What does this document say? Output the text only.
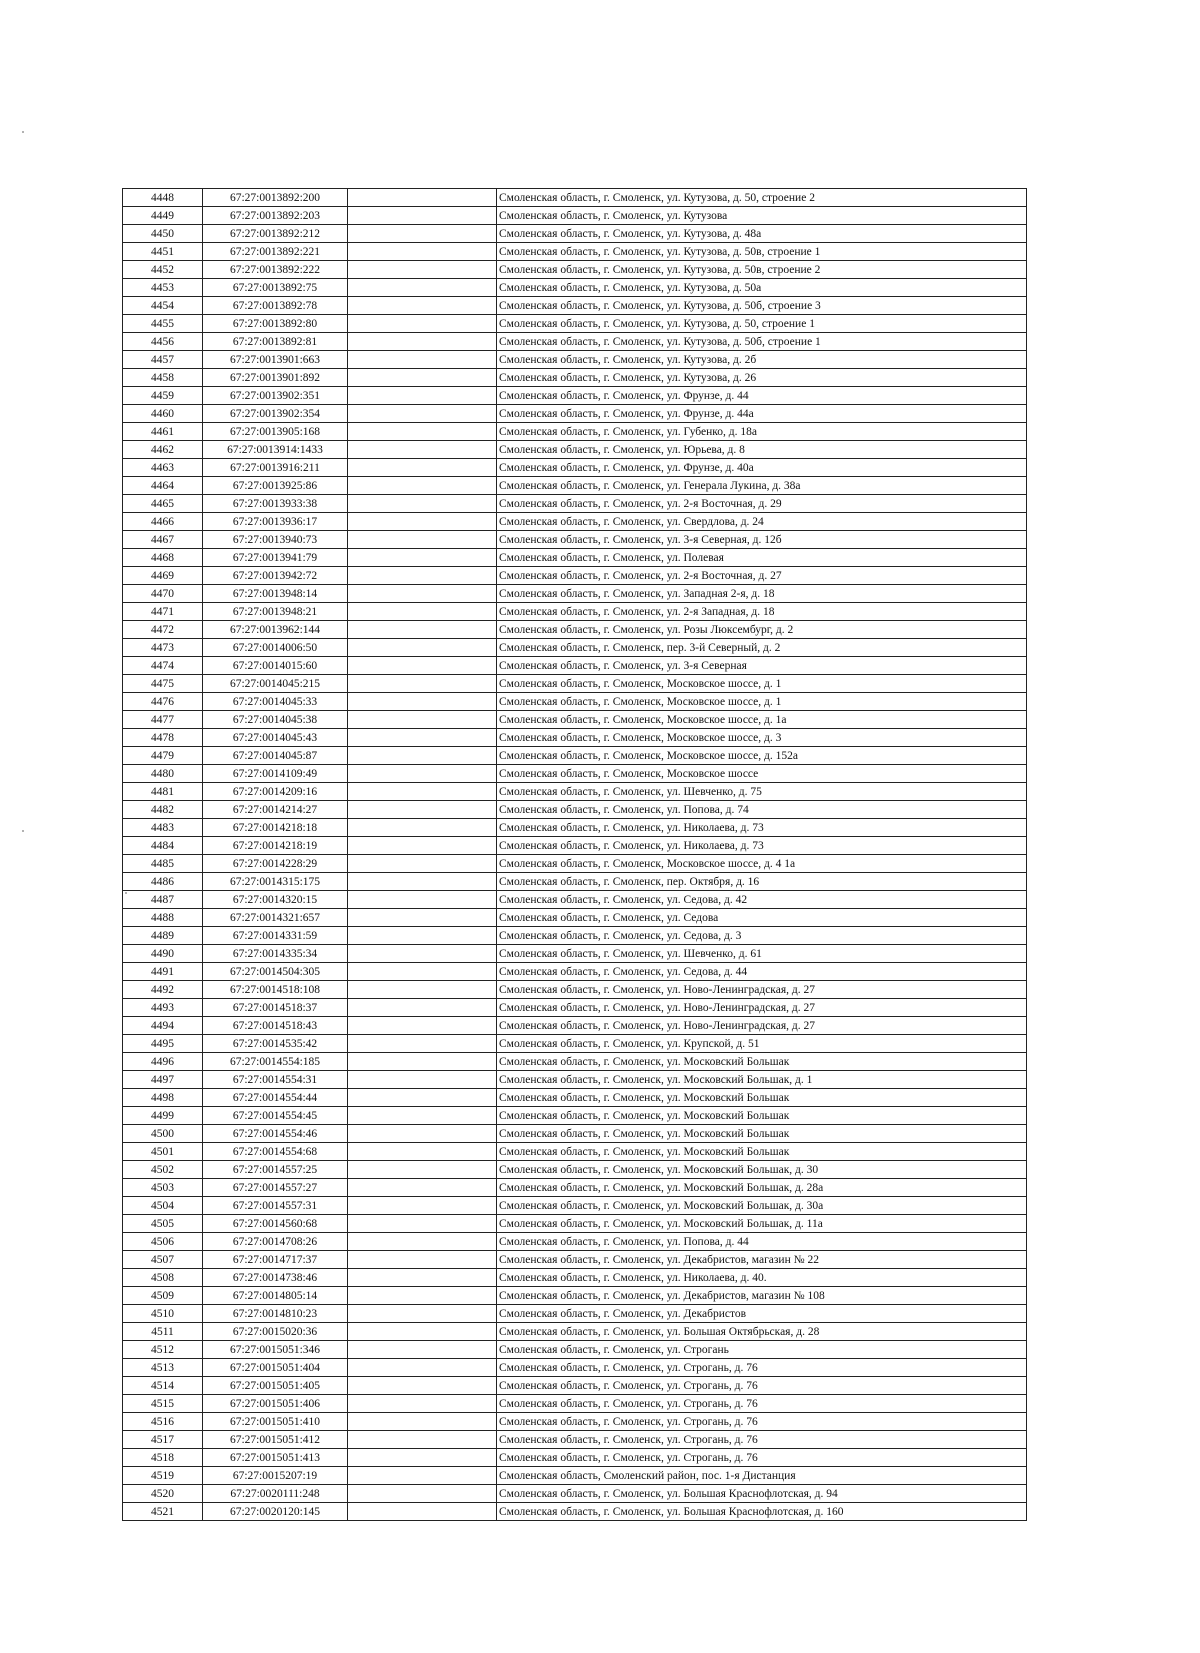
4448	67:27:0013892:200		Смоленская область, г. Смоленск, ул. Кутузова, д. 50, строение 2
4449	67:27:0013892:203		Смоленская область, г. Смоленск, ул. Кутузова
4450	67:27:0013892:212		Смоленская область, г. Смоленск, ул. Кутузова, д. 48а
4451	67:27:0013892:221		Смоленская область, г. Смоленск, ул. Кутузова, д. 50в, строение 1
4452	67:27:0013892:222		Смоленская область, г. Смоленск, ул. Кутузова, д. 50в, строение 2
4453	67:27:0013892:75		Смоленская область, г. Смоленск, ул. Кутузова, д. 50а
4454	67:27:0013892:78		Смоленская область, г. Смоленск, ул. Кутузова, д. 50б, строение 3
4455	67:27:0013892:80		Смоленская область, г. Смоленск, ул. Кутузова, д. 50, строение 1
4456	67:27:0013892:81		Смоленская область, г. Смоленск, ул. Кутузова, д. 50б, строение 1
4457	67:27:0013901:663		Смоленская область, г. Смоленск, ул. Кутузова, д. 2б
4458	67:27:0013901:892		Смоленская область, г. Смоленск, ул. Кутузова, д. 26
4459	67:27:0013902:351		Смоленская область, г. Смоленск, ул. Фрунзе, д. 44
4460	67:27:0013902:354		Смоленская область, г. Смоленск, ул. Фрунзе, д. 44а
4461	67:27:0013905:168		Смоленская область, г. Смоленск, ул. Губенко, д. 18а
4462	67:27:0013914:1433		Смоленская область, г. Смоленск, ул. Юрьева, д. 8
4463	67:27:0013916:211		Смоленская область, г. Смоленск, ул. Фрунзе, д. 40а
4464	67:27:0013925:86		Смоленская область, г. Смоленск, ул. Генерала Лукина, д. 38а
4465	67:27:0013933:38		Смоленская область, г. Смоленск, ул. 2-я Восточная, д. 29
4466	67:27:0013936:17		Смоленская область, г. Смоленск, ул. Свердлова, д. 24
4467	67:27:0013940:73		Смоленская область, г. Смоленск, ул. 3-я Северная, д. 12б
4468	67:27:0013941:79		Смоленская область, г. Смоленск, ул. Полевая
4469	67:27:0013942:72		Смоленская область, г. Смоленск, ул. 2-я Восточная, д. 27
4470	67:27:0013948:14		Смоленская область, г. Смоленск, ул. Западная 2-я, д. 18
4471	67:27:0013948:21		Смоленская область, г. Смоленск, ул. 2-я Западная, д. 18
4472	67:27:0013962:144		Смоленская область, г. Смоленск, ул. Розы Люксембург, д. 2
4473	67:27:0014006:50		Смоленская область, г. Смоленск, пер. 3-й Северный, д. 2
4474	67:27:0014015:60		Смоленская область, г. Смоленск, ул. 3-я Северная
4475	67:27:0014045:215		Смоленская область, г. Смоленск, Московское шоссе, д. 1
4476	67:27:0014045:33		Смоленская область, г. Смоленск, Московское шоссе, д. 1
4477	67:27:0014045:38		Смоленская область, г. Смоленск, Московское шоссе, д. 1а
4478	67:27:0014045:43		Смоленская область, г. Смоленск, Московское шоссе, д. 3
4479	67:27:0014045:87		Смоленская область, г. Смоленск, Московское шоссе, д. 152а
4480	67:27:0014109:49		Смоленская область, г. Смоленск, Московское шоссе
4481	67:27:0014209:16		Смоленская область, г. Смоленск, ул. Шевченко, д. 75
4482	67:27:0014214:27		Смоленская область, г. Смоленск, ул. Попова, д. 74
4483	67:27:0014218:18		Смоленская область, г. Смоленск, ул. Николаева, д. 73
4484	67:27:0014218:19		Смоленская область, г. Смоленск, ул. Николаева, д. 73
4485	67:27:0014228:29		Смоленская область, г. Смоленск, Московское шоссе, д. 4 1а
4486	67:27:0014315:175		Смоленская область, г. Смоленск, пер. Октября, д. 16
4487	67:27:0014320:15		Смоленская область, г. Смоленск, ул. Седова, д. 42
4488	67:27:0014321:657		Смоленская область, г. Смоленск, ул. Седова
4489	67:27:0014331:59		Смоленская область, г. Смоленск, ул. Седова, д. 3
4490	67:27:0014335:34		Смоленская область, г. Смоленск, ул. Шевченко, д. 61
4491	67:27:0014504:305		Смоленская область, г. Смоленск, ул. Седова, д. 44
4492	67:27:0014518:108		Смоленская область, г. Смоленск, ул. Ново-Ленинградская, д. 27
4493	67:27:0014518:37		Смоленская область, г. Смоленск, ул. Ново-Ленинградская, д. 27
4494	67:27:0014518:43		Смоленская область, г. Смоленск, ул. Ново-Ленинградская, д. 27
4495	67:27:0014535:42		Смоленская область, г. Смоленск, ул. Крупской, д. 51
4496	67:27:0014554:185		Смоленская область, г. Смоленск, ул. Московский Большак
4497	67:27:0014554:31		Смоленская область, г. Смоленск, ул. Московский Большак, д. 1
4498	67:27:0014554:44		Смоленская область, г. Смоленск, ул. Московский Большак
4499	67:27:0014554:45		Смоленская область, г. Смоленск, ул. Московский Большак
4500	67:27:0014554:46		Смоленская область, г. Смоленск, ул. Московский Большак
4501	67:27:0014554:68		Смоленская область, г. Смоленск, ул. Московский Большак
4502	67:27:0014557:25		Смоленская область, г. Смоленск, ул. Московский Большак, д. 30
4503	67:27:0014557:27		Смоленская область, г. Смоленск, ул. Московский Большак, д. 28а
4504	67:27:0014557:31		Смоленская область, г. Смоленск, ул. Московский Большак, д. 30а
4505	67:27:0014560:68		Смоленская область, г. Смоленск, ул. Московский Большак, д. 11а
4506	67:27:0014708:26		Смоленская область, г. Смоленск, ул. Попова, д. 44
4507	67:27:0014717:37		Смоленская область, г. Смоленск, ул. Декабристов, магазин № 22
4508	67:27:0014738:46		Смоленская область, г. Смоленск, ул. Николаева, д. 40.
4509	67:27:0014805:14		Смоленская область, г. Смоленск, ул. Декабристов, магазин № 108
4510	67:27:0014810:23		Смоленская область, г. Смоленск, ул. Декабристов
4511	67:27:0015020:36		Смоленская область, г. Смоленск, ул. Большая Октябрьская, д. 28
4512	67:27:0015051:346		Смоленская область, г. Смоленск, ул. Строгань
4513	67:27:0015051:404		Смоленская область, г. Смоленск, ул. Строгань, д. 76
4514	67:27:0015051:405		Смоленская область, г. Смоленск, ул. Строгань, д. 76
4515	67:27:0015051:406		Смоленская область, г. Смоленск, ул. Строгань, д. 76
4516	67:27:0015051:410		Смоленская область, г. Смоленск, ул. Строгань, д. 76
4517	67:27:0015051:412		Смоленская область, г. Смоленск, ул. Строгань, д. 76
4518	67:27:0015051:413		Смоленская область, г. Смоленск, ул. Строгань, д. 76
4519	67:27:0015207:19		Смоленская область, Смоленский район, пос. 1-я Дистанция
4520	67:27:0020111:248		Смоленская область, г. Смоленск, ул. Большая Краснофлотская, д. 94
4521	67:27:0020120:145		Смоленская область, г. Смоленск, ул. Большая Краснофлотская, д. 160
